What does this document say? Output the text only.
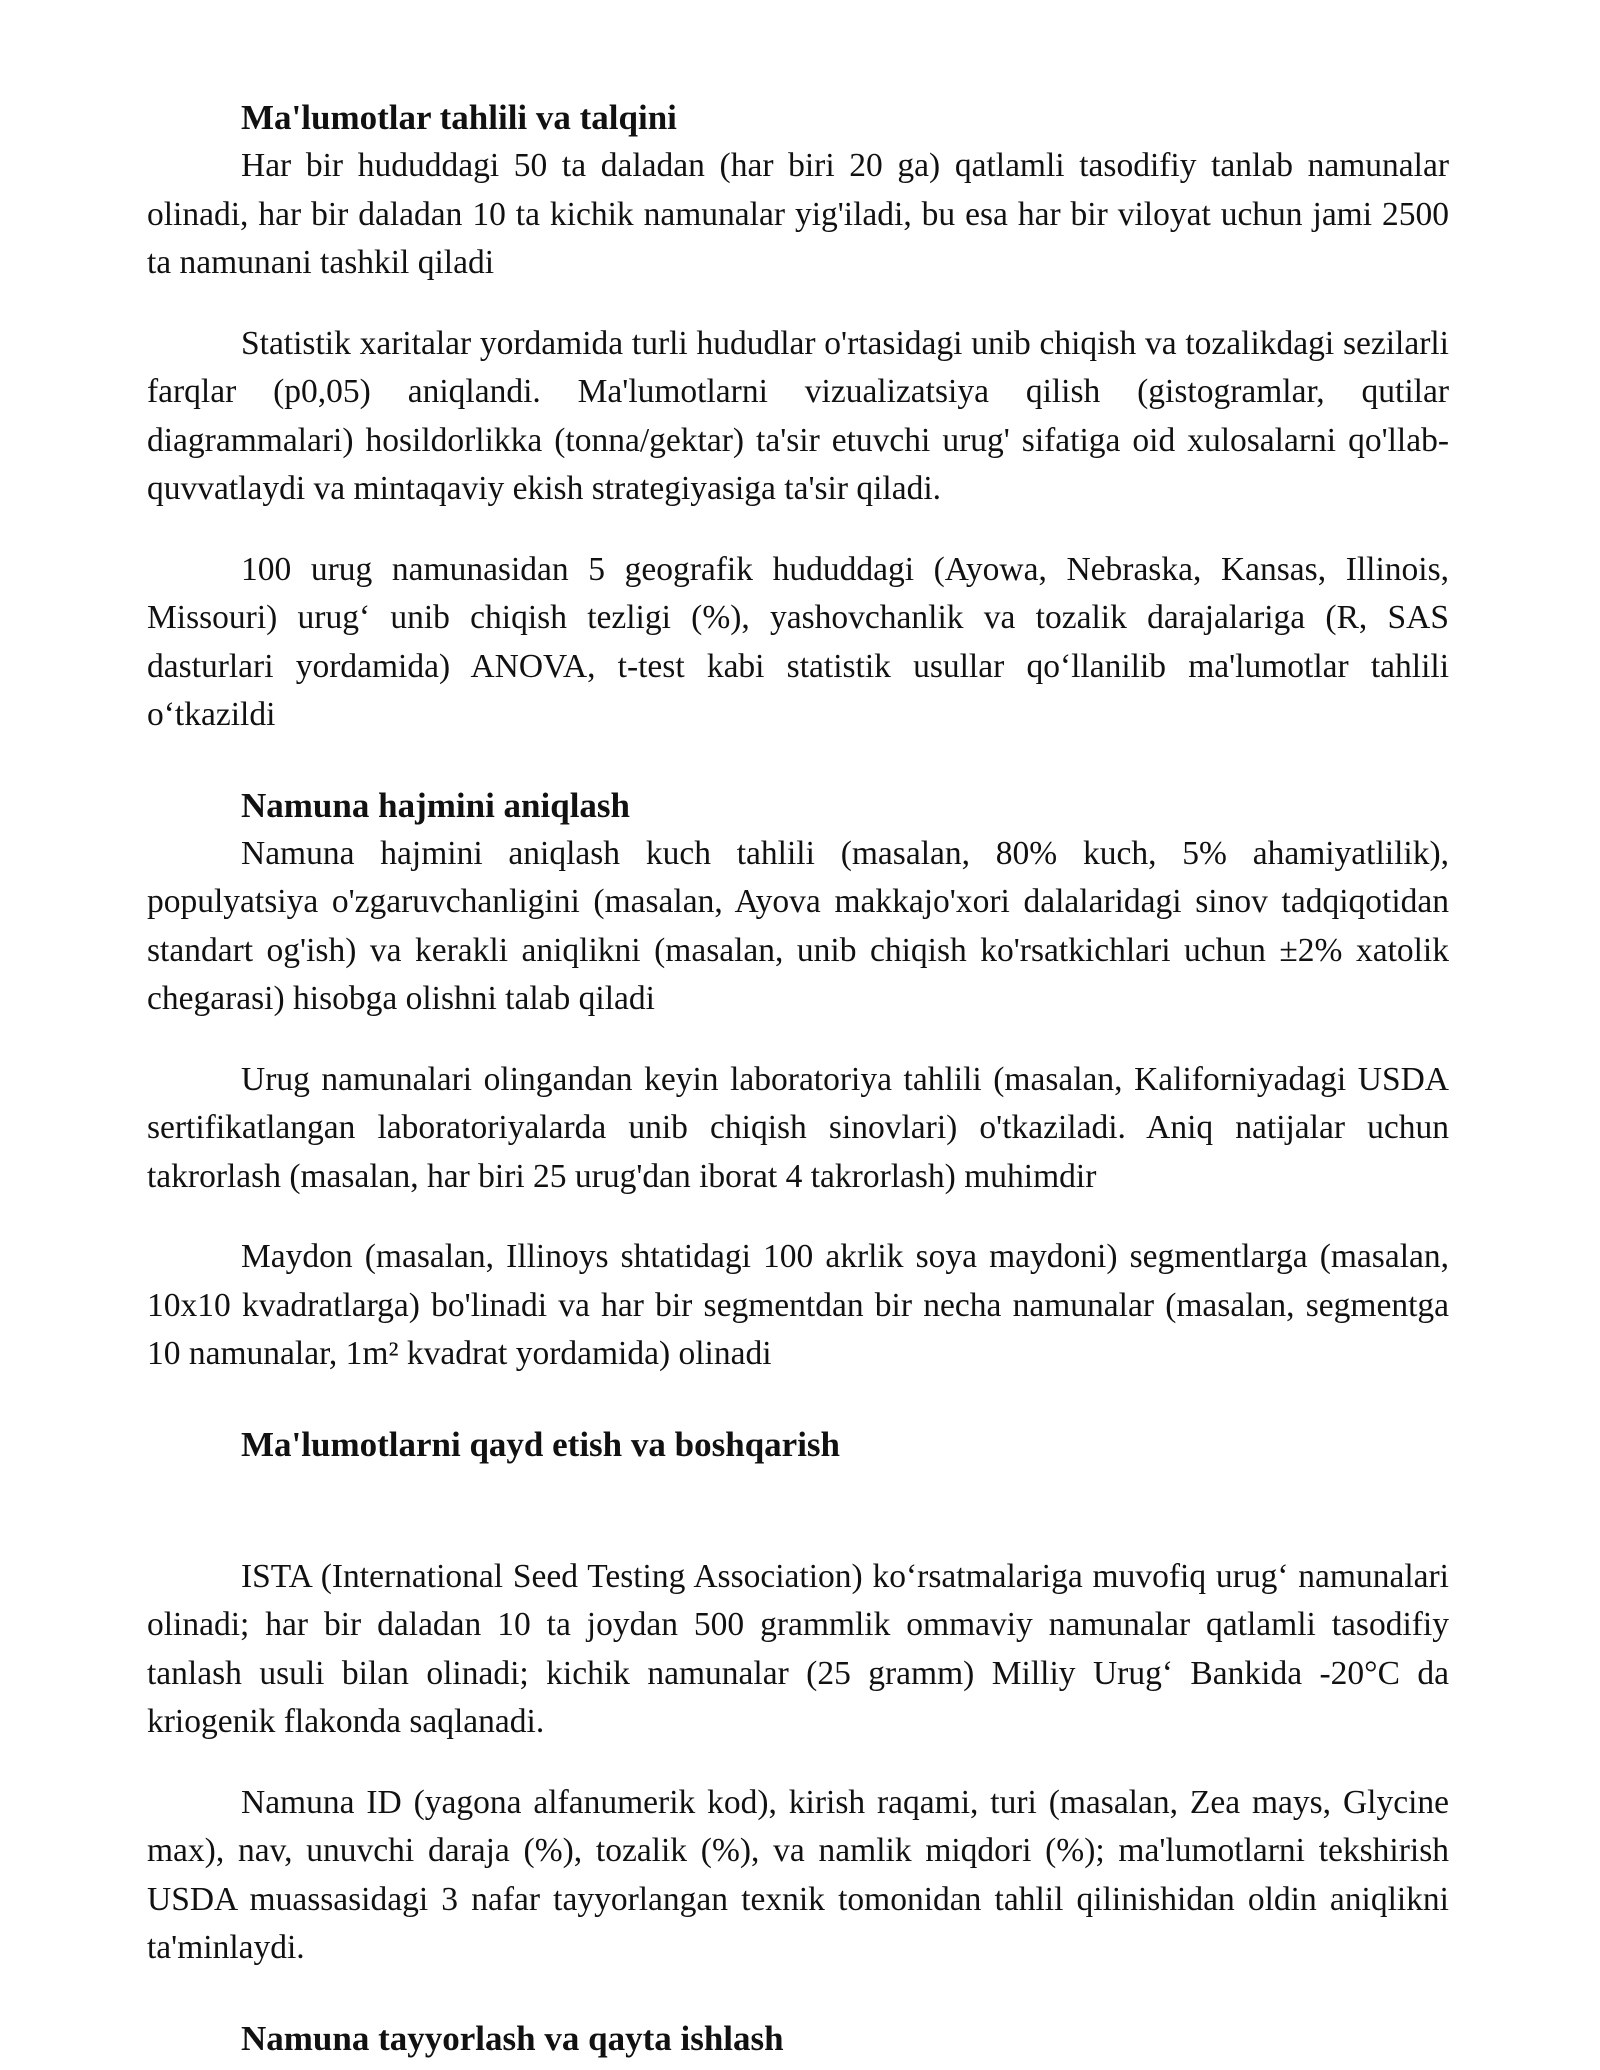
Ma'lumotlar tahlili va talqini

Har bir hududdagi 50 ta daladan (har biri 20 ga) qatlamli tasodifiy tanlab namunalar olinadi, har bir daladan 10 ta kichik namunalar yig'iladi, bu esa har bir viloyat uchun jami 2500 ta namunani tashkil qiladi

Statistik xaritalar yordamida turli hududlar o'rtasidagi unib chiqish va tozalikdagi sezilarli farqlar (p0,05) aniqlandi. Ma'lumotlarni vizualizatsiya qilish (gistogramlar, qutilar diagrammalari) hosildorlikka (tonna/gektar) ta'sir etuvchi urug' sifatiga oid xulosalarni qo'llab-quvvatlaydi va mintaqaviy ekish strategiyasiga ta'sir qiladi.

100 urug namunasidan 5 geografik hududdagi (Ayowa, Nebraska, Kansas, Illinois, Missouri) urug‘ unib chiqish tezligi (%), yashovchanlik va tozalik darajalariga (R, SAS dasturlari yordamida) ANOVA, t-test kabi statistik usullar qo‘llanilib ma'lumotlar tahlili o‘tkazildi

Namuna hajmini aniqlash

Namuna hajmini aniqlash kuch tahlili (masalan, 80% kuch, 5% ahamiyatlilik), populyatsiya o'zgaruvchanligini (masalan, Ayova makkajo'xori dalalaridagi sinov tadqiqotidan standart og'ish) va kerakli aniqlikni (masalan, unib chiqish ko'rsatkichlari uchun ±2% xatolik chegarasi) hisobga olishni talab qiladi

Urug namunalari olingandan keyin laboratoriya tahlili (masalan, Kaliforniyadagi USDA sertifikatlangan laboratoriyalarda unib chiqish sinovlari) o'tkaziladi. Aniq natijalar uchun takrorlash (masalan, har biri 25 urug'dan iborat 4 takrorlash) muhimdir

Maydon (masalan, Illinoys shtatidagi 100 akrlik soya maydoni) segmentlarga (masalan, 10x10 kvadratlarga) bo'linadi va har bir segmentdan bir necha namunalar (masalan, segmentga 10 namunalar, 1m² kvadrat yordamida) olinadi

Ma'lumotlarni qayd etish va boshqarish

ISTA (International Seed Testing Association) ko‘rsatmalariga muvofiq urug‘ namunalari olinadi; har bir daladan 10 ta joydan 500 grammlik ommaviy namunalar qatlamli tasodifiy tanlash usuli bilan olinadi; kichik namunalar (25 gramm) Milliy Urug‘ Bankida -20°C da kriogenik flakonda saqlanadi.

Namuna ID (yagona alfanumerik kod), kirish raqami, turi (masalan, Zea mays, Glycine max), nav, unuvchi daraja (%), tozalik (%), va namlik miqdori (%); ma'lumotlarni tekshirish USDA muassasidagi 3 nafar tayyorlangan texnik tomonidan tahlil qilinishidan oldin aniqlikni ta'minlaydi.

Namuna tayyorlash va qayta ishlash
